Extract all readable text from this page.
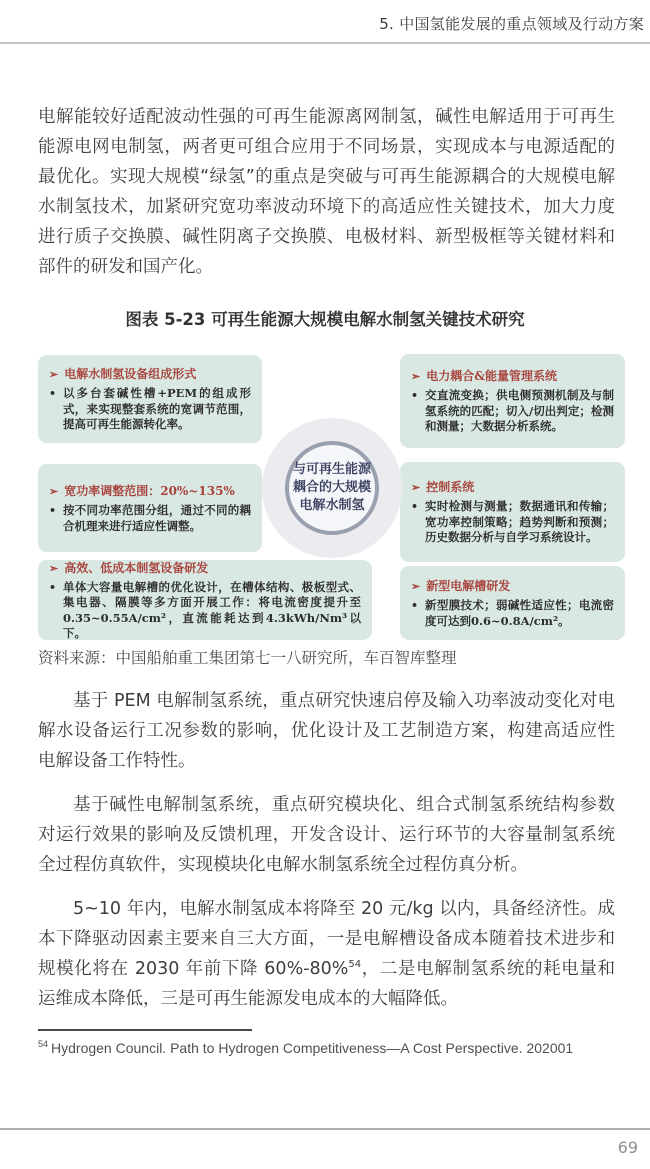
5. 中国氢能发展的重点领域及行动方案

电解能较好适配波动性强的可再生能源离网制氢，碱性电解适用于可再生能源电网电制氢，两者更可组合应用于不同场景，实现成本与电源适配的最优化。实现大规模“绿氢”的重点是突破与可再生能源耦合的大规模电解水制氢技术，加紧研究宽功率波动环境下的高适应性关键技术，加大力度进行质子交换膜、碱性阴离子交换膜、电极材料、新型极框等关键材料和部件的研发和国产化。

图表 5-23 可再生能源大规模电解水制氢关键技术研究
➢ 电解水制氢设备组成形式
• 以多台套碱性槽+PEM的组成形式，来实现整套系统的宽调节范围，提高可再生能源转化率。
➢ 电力耦合&能量管理系统
• 交直流变换；供电侧预测机制及与制氢系统的匹配；切入/切出判定；检测和测量；大数据分析系统。
➢ 宽功率调整范围：20%~135%
• 按不同功率范围分组，通过不同的耦合机理来进行适应性调整。
➢ 控制系统
• 实时检测与测量；数据通讯和传输；宽功率控制策略；趋势判断和预测；历史数据分析与自学习系统设计。
➢ 高效、低成本制氢设备研发
• 单体大容量电解槽的优化设计，在槽体结构、极板型式、集电器、隔膜等多方面开展工作：将电流密度提升至0.35~0.55A/cm²，直流能耗达到4.3kWh/Nm³以下。
➢ 新型电解槽研发
• 新型膜技术；弱碱性适应性；电流密度可达到0.6~0.8A/cm²。
与可再生能源
耦合的大规模
电解水制氢
资料来源：中国船舶重工集团第七一八研究所，车百智库整理

基于 PEM 电解制氢系统，重点研究快速启停及输入功率波动变化对电解水设备运行工况参数的影响，优化设计及工艺制造方案，构建高适应性电解设备工作特性。

基于碱性电解制氢系统，重点研究模块化、组合式制氢系统结构参数对运行效果的影响及反馈机理，开发含设计、运行环节的大容量制氢系统全过程仿真软件，实现模块化电解水制氢系统全过程仿真分析。

5~10 年内，电解水制氢成本将降至 20 元/kg 以内，具备经济性。成本下降驱动因素主要来自三大方面，一是电解槽设备成本随着技术进步和规模化将在 2030 年前下降 60%-80%$^{54}$，二是电解制氢系统的耗电量和运维成本降低，三是可再生能源发电成本的大幅降低。

$^{54}$ Hydrogen Council. Path to Hydrogen Competitiveness—A Cost Perspective. 202001
69
